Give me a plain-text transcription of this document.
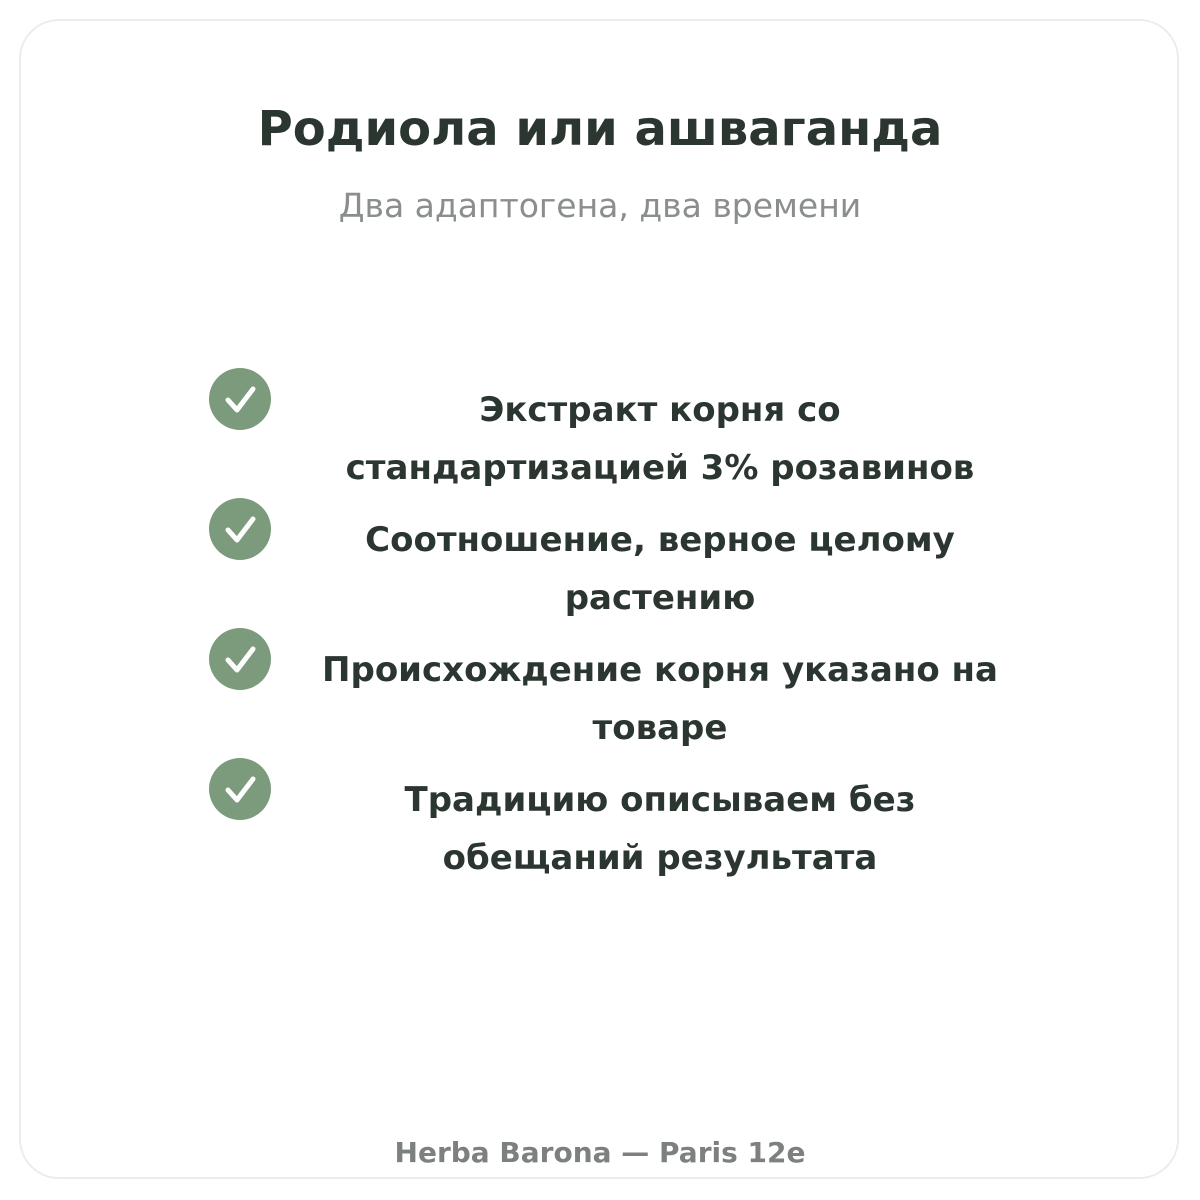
Родиола или ашваганда

Два адаптогена, два времени

Экстракт корня со стандартизацией 3% розавинов

Соотношение, верное целому растению

Происхождение корня указано на товаре

Традицию описываем без обещаний результата

Herba Barona — Paris 12e
